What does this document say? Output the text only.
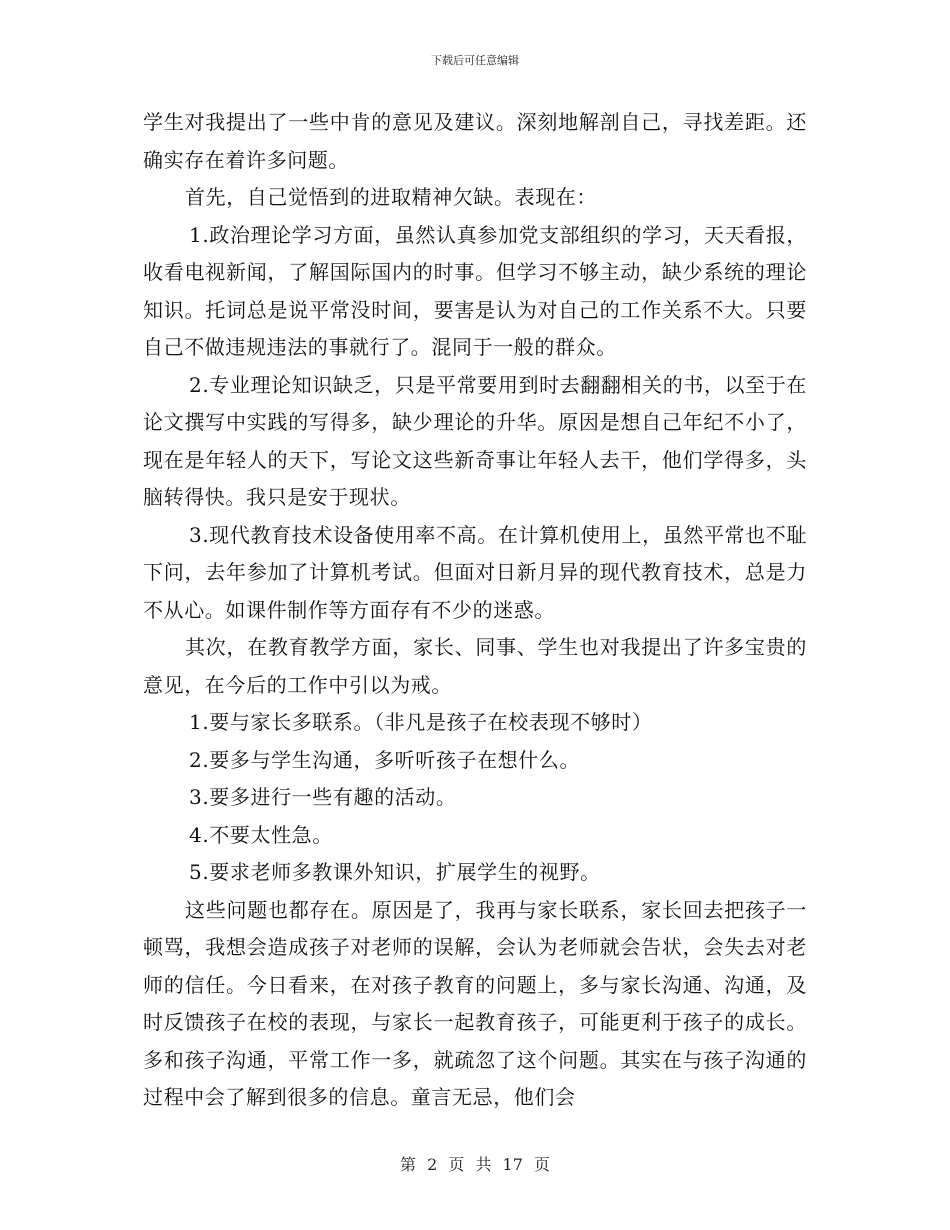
下载后可任意编辑

学生对我提出了一些中肯的意见及建议。深刻地解剖自己，寻找差距。还确实存在着许多问题。

首先，自己觉悟到的进取精神欠缺。表现在：

1.政治理论学习方面，虽然认真参加党支部组织的学习，天天看报，收看电视新闻，了解国际国内的时事。但学习不够主动，缺少系统的理论知识。托词总是说平常没时间，要害是认为对自己的工作关系不大。只要自己不做违规违法的事就行了。混同于一般的群众。

2.专业理论知识缺乏，只是平常要用到时去翻翻相关的书，以至于在论文撰写中实践的写得多，缺少理论的升华。原因是想自己年纪不小了，现在是年轻人的天下，写论文这些新奇事让年轻人去干，他们学得多，头脑转得快。我只是安于现状。

3.现代教育技术设备使用率不高。在计算机使用上，虽然平常也不耻下问，去年参加了计算机考试。但面对日新月异的现代教育技术，总是力不从心。如课件制作等方面存有不少的迷惑。

其次，在教育教学方面，家长、同事、学生也对我提出了许多宝贵的意见，在今后的工作中引以为戒。

1.要与家长多联系。（非凡是孩子在校表现不够时）

2.要多与学生沟通，多听听孩子在想什么。

3.要多进行一些有趣的活动。

4.不要太性急。

5.要求老师多教课外知识，扩展学生的视野。

这些问题也都存在。原因是了，我再与家长联系，家长回去把孩子一顿骂，我想会造成孩子对老师的误解，会认为老师就会告状，会失去对老师的信任。今日看来，在对孩子教育的问题上，多与家长沟通、沟通，及时反馈孩子在校的表现，与家长一起教育孩子，可能更利于孩子的成长。多和孩子沟通，平常工作一多，就疏忽了这个问题。其实在与孩子沟通的过程中会了解到很多的信息。童言无忌，他们会

第 2 页 共 17 页
